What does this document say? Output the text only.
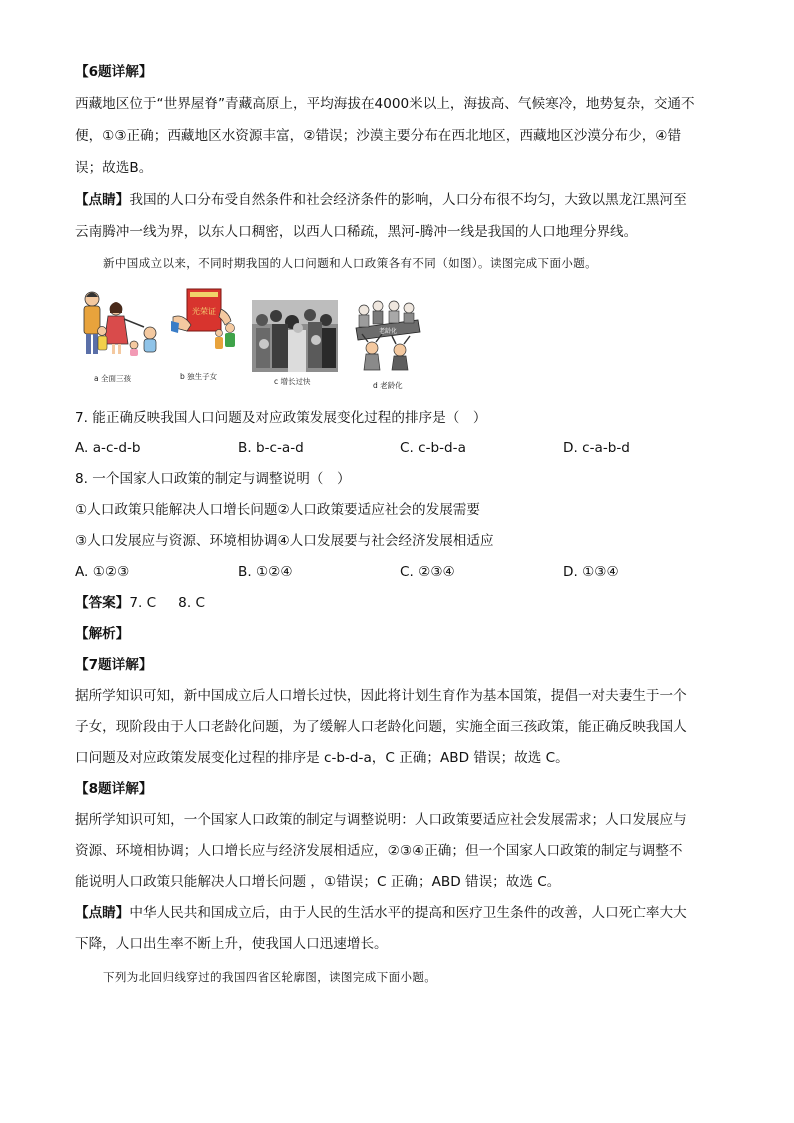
【6题详解】
西藏地区位于“世界屋脊”青藏高原上，平均海拔在4000米以上，海拔高、气候寒冷，地势复杂，交通不
便，①③正确；西藏地区水资源丰富，②错误；沙漠主要分布在西北地区，西藏地区沙漠分布少，④错
误；故选B。
【点睛】我国的人口分布受自然条件和社会经济条件的影响，人口分布很不均匀，大致以黑龙江黑河至
云南腾冲一线为界，以东人口稠密，以西人口稀疏，黑河-腾冲一线是我国的人口地理分界线。
新中国成立以来，不同时期我国的人口问题和人口政策各有不同（如图）。读图完成下面小题。
a 全面三孩
光荣证
b 独生子女
c 增长过快
老龄化
d 老龄化
7. 能正确反映我国人口问题及对应政策发展变化过程的排序是（　）
A. a-c-d-b	B. b-c-a-d	C. c-b-d-a	D. c-a-b-d
8. 一个国家人口政策的制定与调整说明（　）
①人口政策只能解决人口增长问题②人口政策要适应社会的发展需要
③人口发展应与资源、环境相协调④人口发展要与社会经济发展相适应
A. ①②③	B. ①②④	C. ②③④	D. ①③④
【答案】7. C 8. C
【解析】
【7题详解】
据所学知识可知，新中国成立后人口增长过快，因此将计划生育作为基本国策，提倡一对夫妻生于一个
子女，现阶段由于人口老龄化问题，为了缓解人口老龄化问题，实施全面三孩政策，能正确反映我国人
口问题及对应政策发展变化过程的排序是 c-b-d-a，C 正确；ABD 错误；故选 C。
【8题详解】
据所学知识可知，一个国家人口政策的制定与调整说明：人口政策要适应社会发展需求；人口发展应与
资源、环境相协调；人口增长应与经济发展相适应，②③④正确；但一个国家人口政策的制定与调整不
能说明人口政策只能解决人口增长问题 ，①错误；C 正确；ABD 错误；故选 C。
【点睛】中华人民共和国成立后，由于人民的生活水平的提高和医疗卫生条件的改善，人口死亡率大大
下降，人口出生率不断上升，使我国人口迅速增长。
下列为北回归线穿过的我国四省区轮廓图，读图完成下面小题。
